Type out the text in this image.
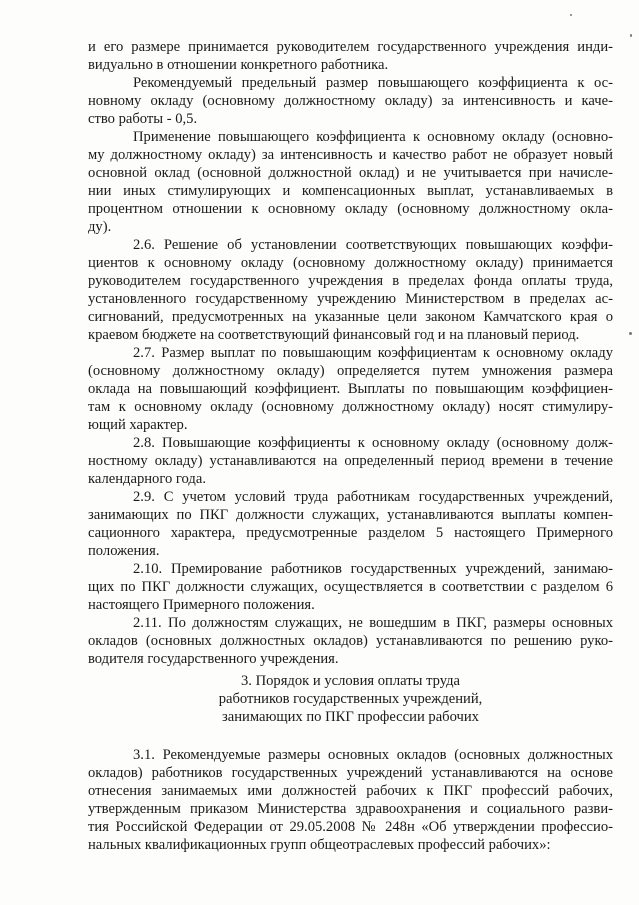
и его размере принимается руководителем государственного учреждения инди-
видуально в отношении конкретного работника.
Рекомендуемый предельный размер повышающего коэффициента к ос-
новному окладу (основному должностному окладу) за интенсивность и каче-
ство работы - 0,5.
Применение повышающего коэффициента к основному окладу (основно-
му должностному окладу) за интенсивность и качество работ не образует новый
основной оклад (основной должностной оклад) и не учитывается при начисле-
нии иных стимулирующих и компенсационных выплат, устанавливаемых в
процентном отношении к основному окладу (основному должностному окла-
ду).
2.6. Решение об установлении соответствующих повышающих коэффи-
циентов к основному окладу (основному должностному окладу) принимается
руководителем государственного учреждения в пределах фонда оплаты труда,
установленного государственному учреждению Министерством в пределах ас-
сигнований, предусмотренных на указанные цели законом Камчатского края о
краевом бюджете на соответствующий финансовый год и на плановый период.
2.7. Размер выплат по повышающим коэффициентам к основному окладу
(основному должностному окладу) определяется путем умножения размера
оклада на повышающий коэффициент. Выплаты по повышающим коэффициен-
там к основному окладу (основному должностному окладу) носят стимулиру-
ющий характер.
2.8. Повышающие коэффициенты к основному окладу (основному долж-
ностному окладу) устанавливаются на определенный период времени в течение
календарного года.
2.9. С учетом условий труда работникам государственных учреждений,
занимающих по ПКГ должности служащих, устанавливаются выплаты компен-
сационного характера, предусмотренные разделом 5 настоящего Примерного
положения.
2.10. Премирование работников государственных учреждений, занимаю-
щих по ПКГ должности служащих, осуществляется в соответствии с разделом 6
настоящего Примерного положения.
2.11. По должностям служащих, не вошедшим в ПКГ, размеры основных
окладов (основных должностных окладов) устанавливаются по решению руко-
водителя государственного учреждения.
3. Порядок и условия оплаты труда
работников государственных учреждений,
занимающих по ПКГ профессии рабочих
3.1. Рекомендуемые размеры основных окладов (основных должностных
окладов) работников государственных учреждений устанавливаются на основе
отнесения занимаемых ими должностей рабочих к ПКГ профессий рабочих,
утвержденным приказом Министерства здравоохранения и социального разви-
тия Российской Федерации от 29.05.2008 № 248н «Об утверждении профессио-
нальных квалификационных групп общеотраслевых профессий рабочих»:
